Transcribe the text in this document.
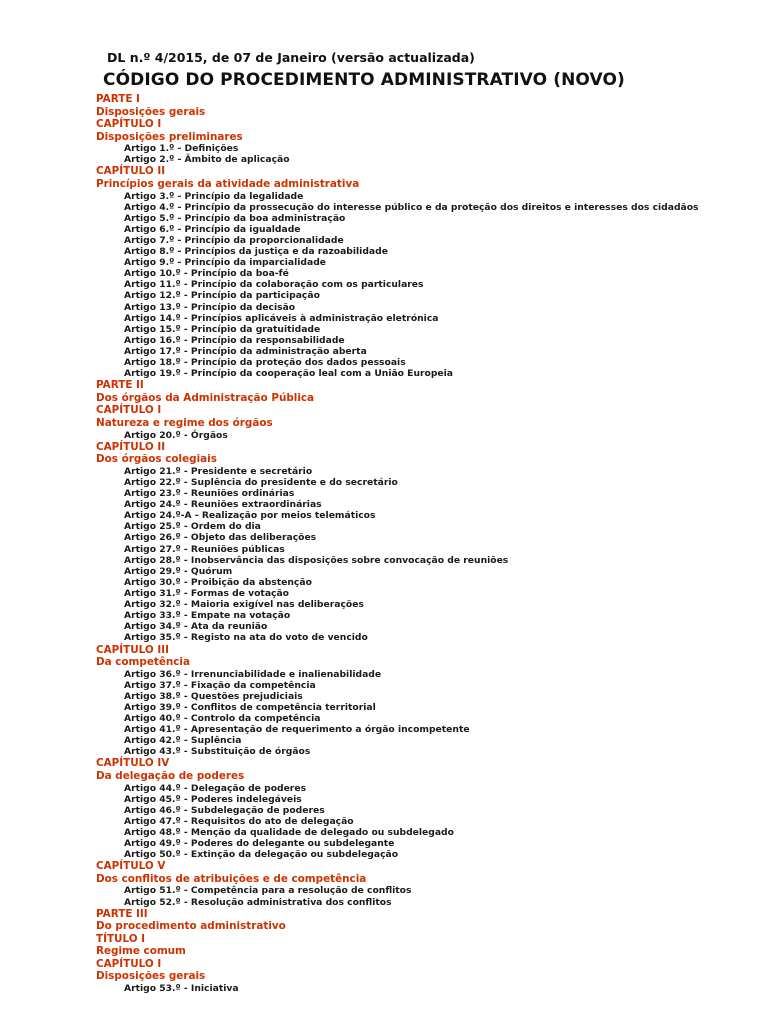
DL n.º 4/2015, de 07 de Janeiro (versão actualizada)
CÓDIGO DO PROCEDIMENTO ADMINISTRATIVO (NOVO)
PARTE I
Disposições gerais
CAPÍTULO I
Disposições preliminares
Artigo 1.º - Definições
Artigo 2.º - Âmbito de aplicação
CAPÍTULO II
Princípios gerais da atividade administrativa
Artigo 3.º - Princípio da legalidade
Artigo 4.º - Princípio da prossecução do interesse público e da proteção dos direitos e interesses dos cidadãos
Artigo 5.º - Princípio da boa administração
Artigo 6.º - Princípio da igualdade
Artigo 7.º - Princípio da proporcionalidade
Artigo 8.º - Princípios da justiça e da razoabilidade
Artigo 9.º - Princípio da imparcialidade
Artigo 10.º - Princípio da boa-fé
Artigo 11.º - Princípio da colaboração com os particulares
Artigo 12.º - Princípio da participação
Artigo 13.º - Princípio da decisão
Artigo 14.º - Princípios aplicáveis à administração eletrónica
Artigo 15.º - Princípio da gratuitidade
Artigo 16.º - Princípio da responsabilidade
Artigo 17.º - Princípio da administração aberta
Artigo 18.º - Princípio da proteção dos dados pessoais
Artigo 19.º - Princípio da cooperação leal com a União Europeia
PARTE II
Dos órgãos da Administração Pública
CAPÍTULO I
Natureza e regime dos órgãos
Artigo 20.º - Órgãos
CAPÍTULO II
Dos órgãos colegiais
Artigo 21.º - Presidente e secretário
Artigo 22.º - Suplência do presidente e do secretário
Artigo 23.º - Reuniões ordinárias
Artigo 24.º - Reuniões extraordinárias
Artigo 24.º-A - Realização por meios telemáticos
Artigo 25.º - Ordem do dia
Artigo 26.º - Objeto das deliberações
Artigo 27.º - Reuniões públicas
Artigo 28.º - Inobservância das disposições sobre convocação de reuniões
Artigo 29.º - Quórum
Artigo 30.º - Proibição da abstenção
Artigo 31.º - Formas de votação
Artigo 32.º - Maioria exigível nas deliberações
Artigo 33.º - Empate na votação
Artigo 34.º - Ata da reunião
Artigo 35.º - Registo na ata do voto de vencido
CAPÍTULO III
Da competência
Artigo 36.º - Irrenunciabilidade e inalienabilidade
Artigo 37.º - Fixação da competência
Artigo 38.º - Questões prejudiciais
Artigo 39.º - Conflitos de competência territorial
Artigo 40.º - Controlo da competência
Artigo 41.º - Apresentação de requerimento a órgão incompetente
Artigo 42.º - Suplência
Artigo 43.º - Substituição de órgãos
CAPÍTULO IV
Da delegação de poderes
Artigo 44.º - Delegação de poderes
Artigo 45.º - Poderes indelegáveis
Artigo 46.º - Subdelegação de poderes
Artigo 47.º - Requisitos do ato de delegação
Artigo 48.º - Menção da qualidade de delegado ou subdelegado
Artigo 49.º - Poderes do delegante ou subdelegante
Artigo 50.º - Extinção da delegação ou subdelegação
CAPÍTULO V
Dos conflitos de atribuições e de competência
Artigo 51.º - Competência para a resolução de conflitos
Artigo 52.º - Resolução administrativa dos conflitos
PARTE III
Do procedimento administrativo
TÍTULO I
Regime comum
CAPÍTULO I
Disposições gerais
Artigo 53.º - Iniciativa
